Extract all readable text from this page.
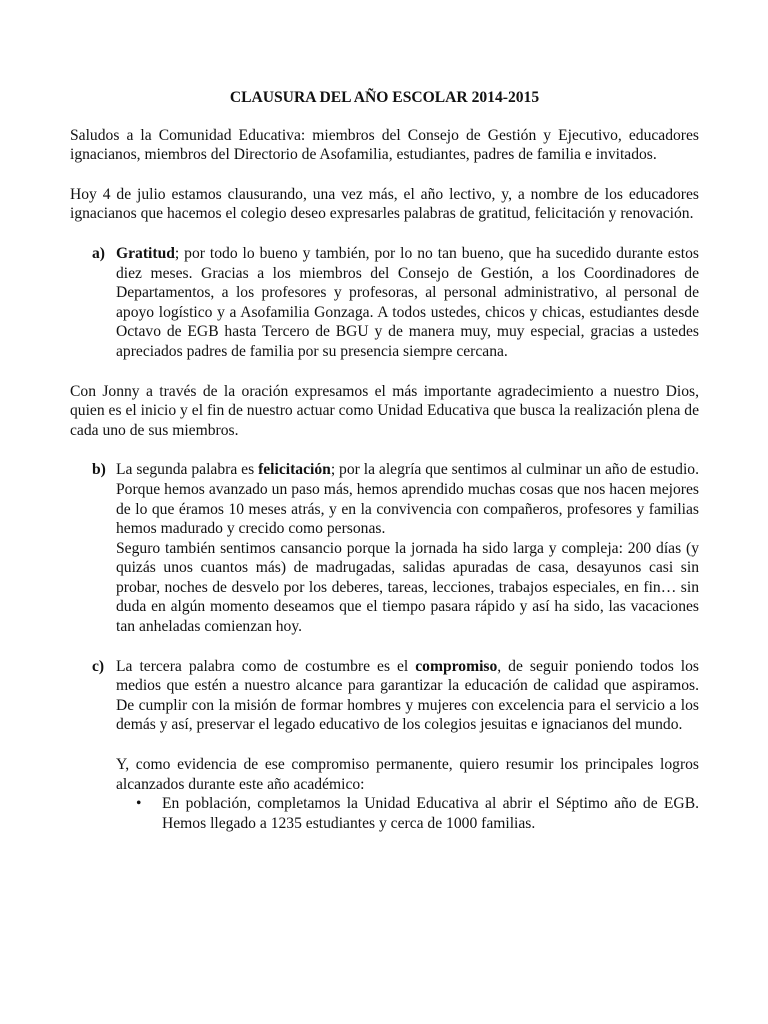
CLAUSURA DEL AÑO ESCOLAR 2014-2015

Saludos a la Comunidad Educativa: miembros del Consejo de Gestión y Ejecutivo, educadores ignacianos, miembros del Directorio de Asofamilia, estudiantes, padres de familia e invitados.

Hoy 4 de julio estamos clausurando, una vez más, el año lectivo, y, a nombre de los educadores ignacianos que hacemos el colegio deseo expresarles palabras de gratitud, felicitación y renovación.

a) Gratitud; por todo lo bueno y también, por lo no tan bueno, que ha sucedido durante estos diez meses. Gracias a los miembros del Consejo de Gestión, a los Coordinadores de Departamentos, a los profesores y profesoras, al personal administrativo, al personal de apoyo logístico y a Asofamilia Gonzaga. A todos ustedes, chicos y chicas, estudiantes desde Octavo de EGB hasta Tercero de BGU y de manera muy, muy especial, gracias a ustedes apreciados padres de familia por su presencia siempre cercana.

Con Jonny a través de la oración expresamos el más importante agradecimiento a nuestro Dios, quien es el inicio y el fin de nuestro actuar como Unidad Educativa que busca la realización plena de cada uno de sus miembros.

b) La segunda palabra es felicitación; por la alegría que sentimos al culminar un año de estudio. Porque hemos avanzado un paso más, hemos aprendido muchas cosas que nos hacen mejores de lo que éramos 10 meses atrás, y en la convivencia con compañeros, profesores y familias hemos madurado y crecido como personas.

Seguro también sentimos cansancio porque la jornada ha sido larga y compleja: 200 días (y quizás unos cuantos más) de madrugadas, salidas apuradas de casa, desayunos casi sin probar, noches de desvelo por los deberes, tareas, lecciones, trabajos especiales, en fin… sin duda en algún momento deseamos que el tiempo pasara rápido y así ha sido, las vacaciones tan anheladas comienzan hoy.

c) La tercera palabra como de costumbre es el compromiso, de seguir poniendo todos los medios que estén a nuestro alcance para garantizar la educación de calidad que aspiramos. De cumplir con la misión de formar hombres y mujeres con excelencia para el servicio a los demás y así, preservar el legado educativo de los colegios jesuitas e ignacianos del mundo.

Y, como evidencia de ese compromiso permanente, quiero resumir los principales logros alcanzados durante este año académico:

• En población, completamos la Unidad Educativa al abrir el Séptimo año de EGB. Hemos llegado a 1235 estudiantes y cerca de 1000 familias.
